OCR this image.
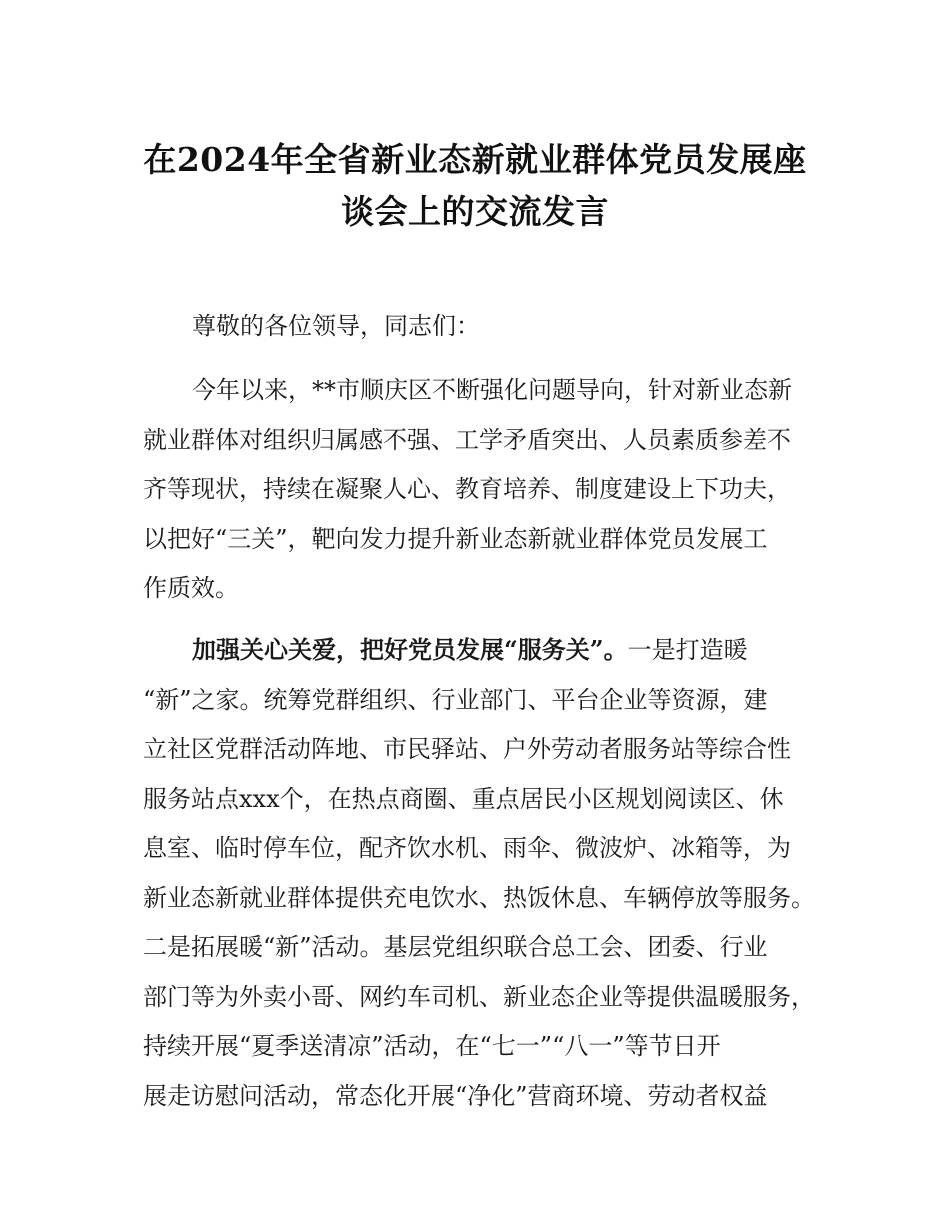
在2024年全省新业态新就业群体党员发展座
谈会上的交流发言
尊敬的各位领导，同志们：
今年以来，**市顺庆区不断强化问题导向，针对新业态新
就业群体对组织归属感不强、工学矛盾突出、人员素质参差不
齐等现状，持续在凝聚人心、教育培养、制度建设上下功夫，
以把好“三关”，靶向发力提升新业态新就业群体党员发展工
作质效。
加强关心关爱，把好党员发展“服务关”。一是打造暖
“新”之家。统筹党群组织、行业部门、平台企业等资源，建
立社区党群活动阵地、市民驿站、户外劳动者服务站等综合性
服务站点xxx个，在热点商圈、重点居民小区规划阅读区、休
息室、临时停车位，配齐饮水机、雨伞、微波炉、冰箱等，为
新业态新就业群体提供充电饮水、热饭休息、车辆停放等服务。
二是拓展暖“新”活动。基层党组织联合总工会、团委、行业
部门等为外卖小哥、网约车司机、新业态企业等提供温暖服务，
持续开展“夏季送清凉”活动，在“七一”“八一”等节日开
展走访慰问活动，常态化开展“净化”营商环境、劳动者权益
